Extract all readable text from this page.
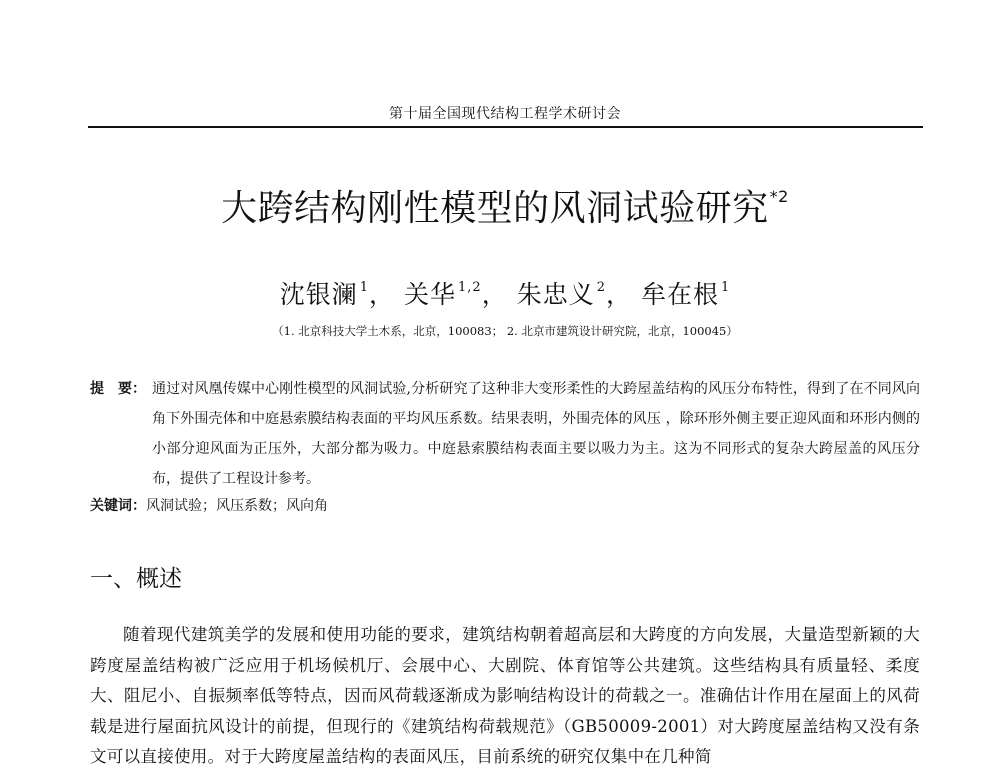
第十届全国现代结构工程学术研讨会
大跨结构刚性模型的风洞试验研究$^{*2}$
沈银澜 $^1$， 关华 $^{1,2}$， 朱忠义 $^2$， 牟在根 $^1$
（1. 北京科技大学土木系，北京，100083； 2. 北京市建筑设计研究院，北京，100045）
提　要： 通过对风凰传媒中心刚性模型的风洞试验,分析研究了这种非大变形柔性的大跨屋盖结构的风压分布特性，得到了在不同风向角下外围壳体和中庭悬索膜结构表面的平均风压系数。结果表明，外围壳体的风压 ，除环形外侧主要正迎风面和环形内侧的小部分迎风面为正压外，大部分都为吸力。中庭悬索膜结构表面主要以吸力为主。这为不同形式的复杂大跨屋盖的风压分布，提供了工程设计参考。
关键词：风洞试验；风压系数；风向角
一、概述
随着现代建筑美学的发展和使用功能的要求，建筑结构朝着超高层和大跨度的方向发展，大量造型新颖的大跨度屋盖结构被广泛应用于机场候机厅、会展中心、大剧院、体育馆等公共建筑。这些结构具有质量轻、柔度大、阻尼小、自振频率低等特点，因而风荷载逐渐成为影响结构设计的荷载之一。准确估计作用在屋面上的风荷载是进行屋面抗风设计的前提，但现行的《建筑结构荷载规范》（GB50009-2001）对大跨度屋盖结构又没有条文可以直接使用。对于大跨度屋盖结构的表面风压，目前系统的研究仅集中在几种简
